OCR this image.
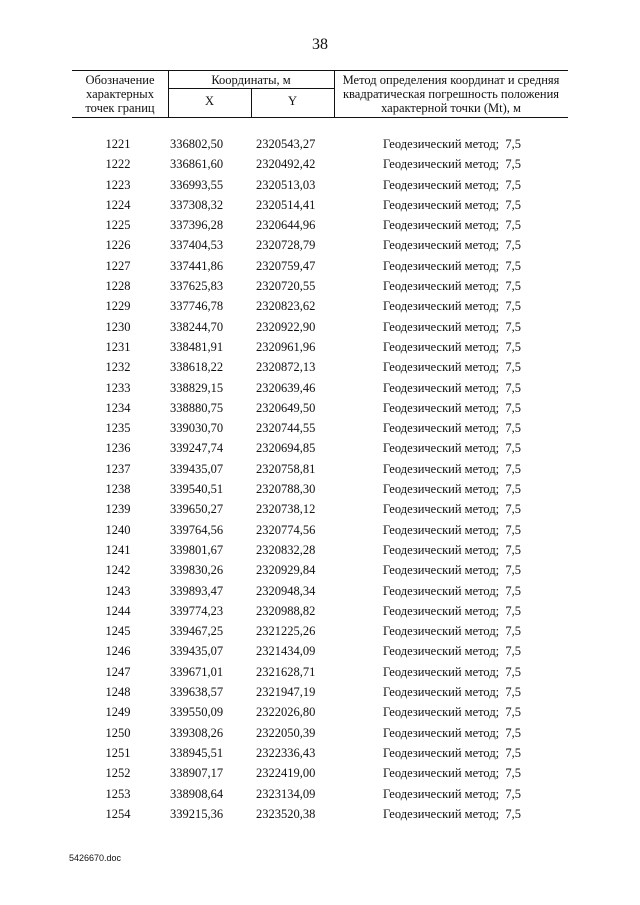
38
Обозначение характерных точек границ
Координаты, м
X	Y
Метод определения координат и средняя квадратическая погрешность положения характерной точки (Mt), м
1221	336802,50	2320543,27	Геодезический метод;  7,5
1222	336861,60	2320492,42	Геодезический метод;  7,5
1223	336993,55	2320513,03	Геодезический метод;  7,5
1224	337308,32	2320514,41	Геодезический метод;  7,5
1225	337396,28	2320644,96	Геодезический метод;  7,5
1226	337404,53	2320728,79	Геодезический метод;  7,5
1227	337441,86	2320759,47	Геодезический метод;  7,5
1228	337625,83	2320720,55	Геодезический метод;  7,5
1229	337746,78	2320823,62	Геодезический метод;  7,5
1230	338244,70	2320922,90	Геодезический метод;  7,5
1231	338481,91	2320961,96	Геодезический метод;  7,5
1232	338618,22	2320872,13	Геодезический метод;  7,5
1233	338829,15	2320639,46	Геодезический метод;  7,5
1234	338880,75	2320649,50	Геодезический метод;  7,5
1235	339030,70	2320744,55	Геодезический метод;  7,5
1236	339247,74	2320694,85	Геодезический метод;  7,5
1237	339435,07	2320758,81	Геодезический метод;  7,5
1238	339540,51	2320788,30	Геодезический метод;  7,5
1239	339650,27	2320738,12	Геодезический метод;  7,5
1240	339764,56	2320774,56	Геодезический метод;  7,5
1241	339801,67	2320832,28	Геодезический метод;  7,5
1242	339830,26	2320929,84	Геодезический метод;  7,5
1243	339893,47	2320948,34	Геодезический метод;  7,5
1244	339774,23	2320988,82	Геодезический метод;  7,5
1245	339467,25	2321225,26	Геодезический метод;  7,5
1246	339435,07	2321434,09	Геодезический метод;  7,5
1247	339671,01	2321628,71	Геодезический метод;  7,5
1248	339638,57	2321947,19	Геодезический метод;  7,5
1249	339550,09	2322026,80	Геодезический метод;  7,5
1250	339308,26	2322050,39	Геодезический метод;  7,5
1251	338945,51	2322336,43	Геодезический метод;  7,5
1252	338907,17	2322419,00	Геодезический метод;  7,5
1253	338908,64	2323134,09	Геодезический метод;  7,5
1254	339215,36	2323520,38	Геодезический метод;  7,5
5426670.doc
